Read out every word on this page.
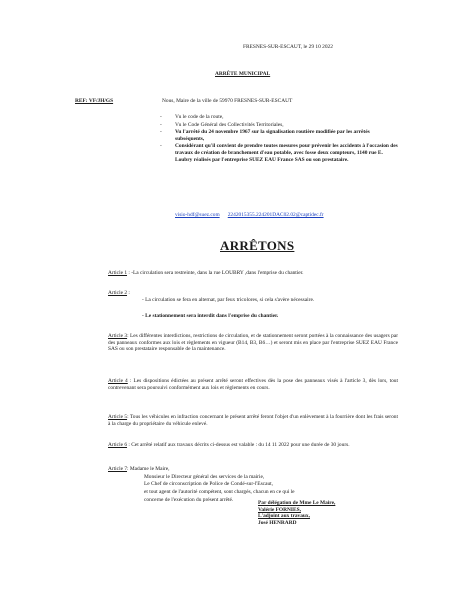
FRESNES-SUR-ESCAUT, le 29 10 2022
ARRÊTE MUNICIPAL
REF: VF/JH/GS	Nous, Maire de la ville de 59970 FRESNES-SUR-ESCAUT
- Vu le code de la route,
- Vu le Code Général des Collectivités Territoriales,
- Vu l'arrêté du 24 novembre 1967 sur la signalisation routière modifiée par les arrêtés subséquents,
- Considérant qu'il convient de prendre toutes mesures pour prévenir les accidents à l'occasion des travaux de création de branchement d'eau potable, avec fosse deux compteurs, 1140 rue E. Loubry réalisés par l'entreprise SUEZ EAU France SAS ou son prestataire.
visio-hdf@suez.com 2242015355.224201DAC02.02@captidec.fr
ARRÊTONS
Article 1 : -La circulation sera restreinte, dans la rue LOUBRY ,dans l'emprise du chantier.
Article 2 :
- La circulation se fera en alternat, par feux tricolores, si cela s'avère nécessaire.
- Le stationnement sera interdit dans l'emprise du chantier.
Article 3: Les différentes interdictions, restrictions de circulation, et de stationnement seront portées à la connaissance des usagers par des panneaux conformes aux lois et règlements en vigueur (B14, B3, B6…) et seront mis en place par l'entreprise SUEZ EAU France SAS ou son prestataire responsable de la maintenance.
Article 4 : Les dispositions édictées au présent arrêté seront effectives dès la pose des panneaux visés à l'article 3, dès lors, tout contrevenant sera poursuivi conformément aux lois et règlements en cours.
Article 5: Tous les véhicules en infraction concernant le présent arrêté feront l'objet d'un enlèvement à la fourrière dont les frais seront à la charge du propriétaire du véhicule enlevé.
Article 6 : Cet arrêté relatif aux travaux décrits ci-dessus est valable : du 14 11 2022 pour une durée de 30 jours.
Article 7: Madame le Maire,
Monsieur le Directeur général des services de la mairie,
Le Chef de circonscription de Police de Condé-sur-l'Escaut,
et tout agent de l'autorité compétent, sont chargés, chacun en ce qui le
concerne de l'exécution du présent arrêté.	Par délégation de Mme Le Maire,
Valérie FORNIES,
L'adjoint aux travaux,
José HENRARD
